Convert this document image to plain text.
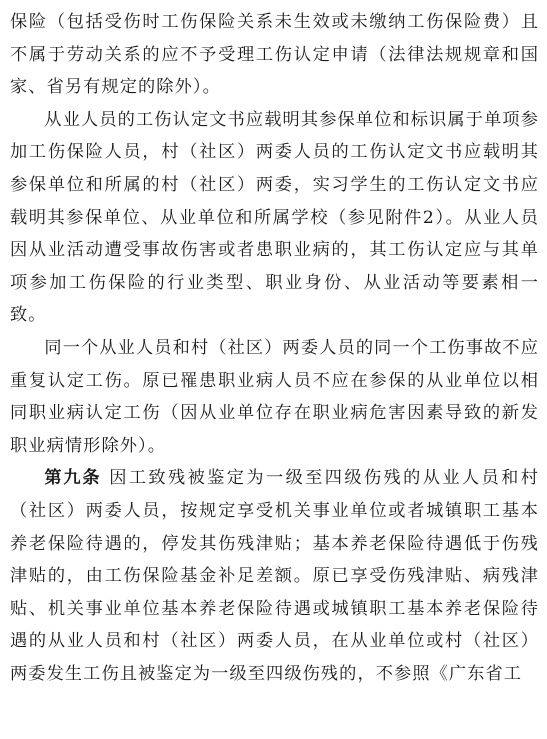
保险（包括受伤时工伤保险关系未生效或未缴纳工伤保险费）且不属于劳动关系的应不予受理工伤认定申请（法律法规规章和国家、省另有规定的除外）。

从业人员的工伤认定文书应载明其参保单位和标识属于单项参加工伤保险人员，村（社区）两委人员的工伤认定文书应载明其参保单位和所属的村（社区）两委，实习学生的工伤认定文书应载明其参保单位、从业单位和所属学校（参见附件2）。从业人员因从业活动遭受事故伤害或者患职业病的，其工伤认定应与其单项参加工伤保险的行业类型、职业身份、从业活动等要素相一致。

同一个从业人员和村（社区）两委人员的同一个工伤事故不应重复认定工伤。原已罹患职业病人员不应在参保的从业单位以相同职业病认定工伤（因从业单位存在职业病危害因素导致的新发职业病情形除外）。

第九条 因工致残被鉴定为一级至四级伤残的从业人员和村（社区）两委人员，按规定享受机关事业单位或者城镇职工基本养老保险待遇的，停发其伤残津贴；基本养老保险待遇低于伤残津贴的，由工伤保险基金补足差额。原已享受伤残津贴、病残津贴、机关事业单位基本养老保险待遇或城镇职工基本养老保险待遇的从业人员和村（社区）两委人员，在从业单位或村（社区）两委发生工伤且被鉴定为一级至四级伤残的，不参照《广东省工
